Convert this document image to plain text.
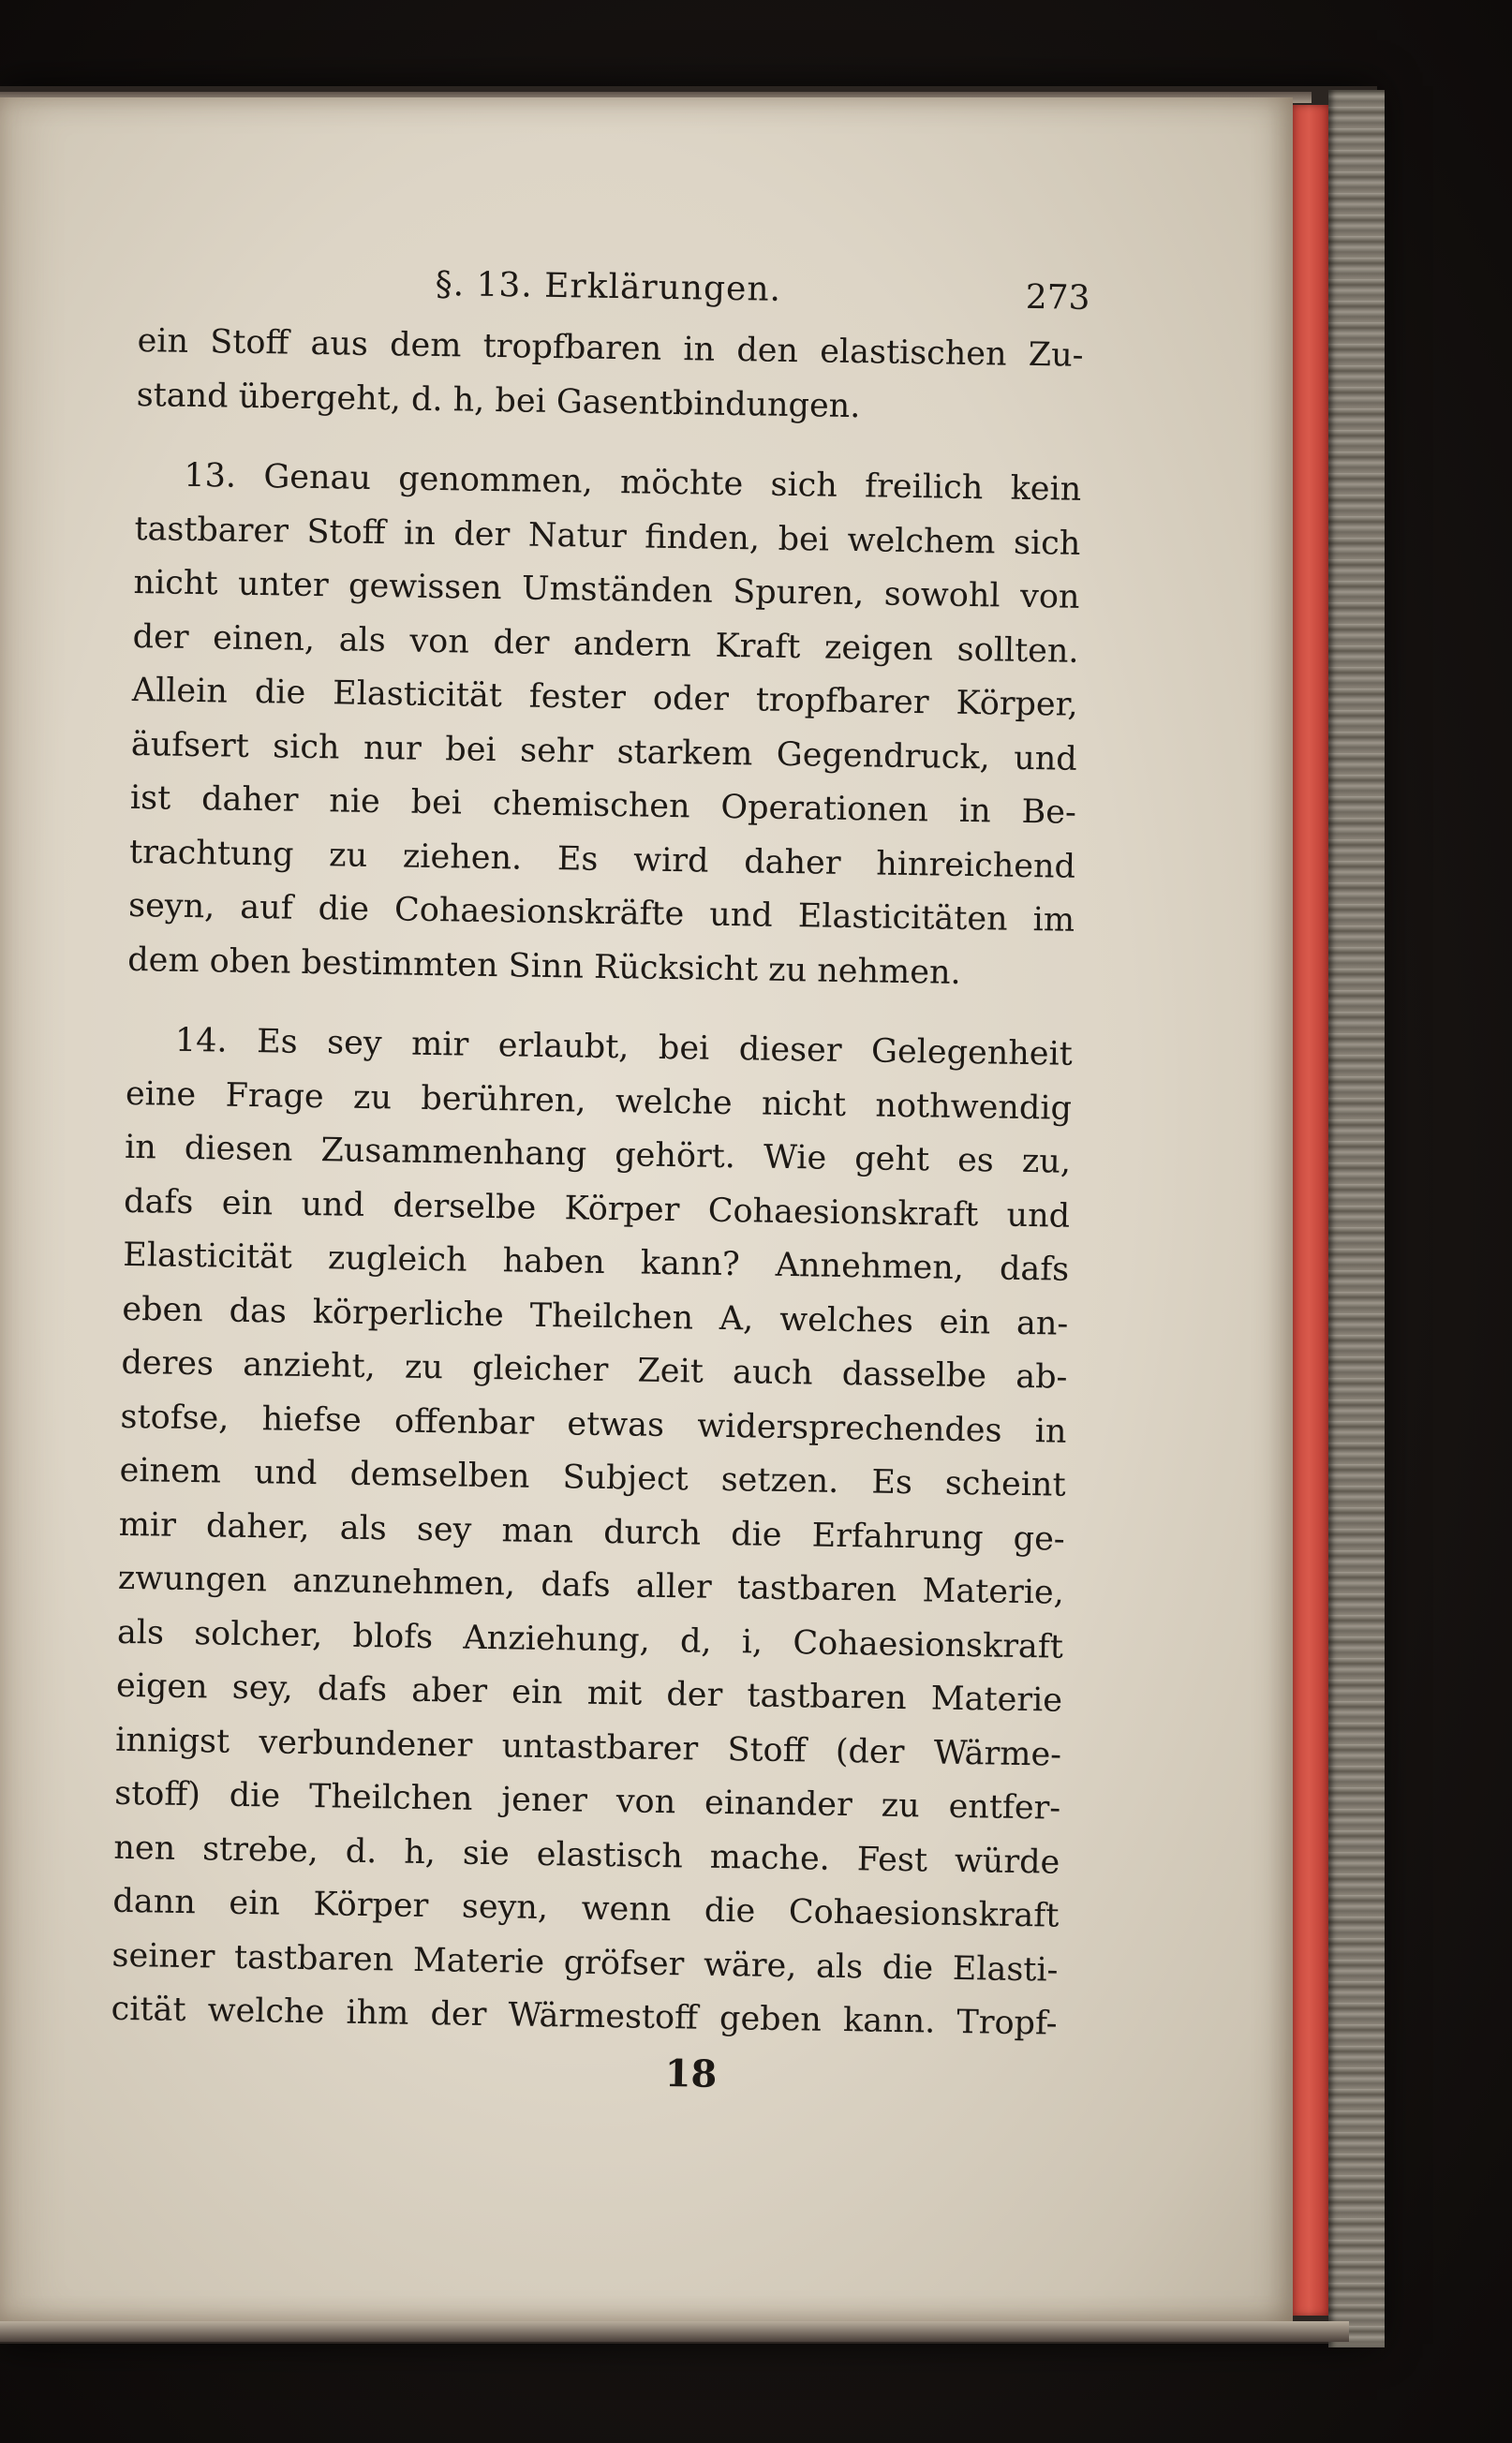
§. 13. Erklärungen.	273
ein Stoff aus dem tropfbaren in den elastischen Zu-
stand übergeht, d. h, bei Gasentbindungen.
13. Genau genommen, möchte sich freilich kein
tastbarer Stoff in der Natur finden, bei welchem sich
nicht unter gewissen Umständen Spuren, sowohl von
der einen, als von der andern Kraft zeigen sollten.
Allein die Elasticität fester oder tropfbarer Körper,
äufsert sich nur bei sehr starkem Gegendruck, und
ist daher nie bei chemischen Operationen in Be-
trachtung zu ziehen. Es wird daher hinreichend
seyn, auf die Cohaesionskräfte und Elasticitäten im
dem oben bestimmten Sinn Rücksicht zu nehmen.
14. Es sey mir erlaubt, bei dieser Gelegenheit
eine Frage zu berühren, welche nicht nothwendig
in diesen Zusammenhang gehört. Wie geht es zu,
dafs ein und derselbe Körper Cohaesionskraft und
Elasticität zugleich haben kann? Annehmen, dafs
eben das körperliche Theilchen A, welches ein an-
deres anzieht, zu gleicher Zeit auch dasselbe ab-
stofse, hiefse offenbar etwas widersprechendes in
einem und demselben Subject setzen. Es scheint
mir daher, als sey man durch die Erfahrung ge-
zwungen anzunehmen, dafs aller tastbaren Materie,
als solcher, blofs Anziehung, d, i, Cohaesionskraft
eigen sey, dafs aber ein mit der tastbaren Materie
innigst verbundener untastbarer Stoff (der Wärme-
stoff) die Theilchen jener von einander zu entfer-
nen strebe, d. h, sie elastisch mache. Fest würde
dann ein Körper seyn, wenn die Cohaesionskraft
seiner tastbaren Materie gröfser wäre, als die Elasti-
cität welche ihm der Wärmestoff geben kann. Tropf-
18
